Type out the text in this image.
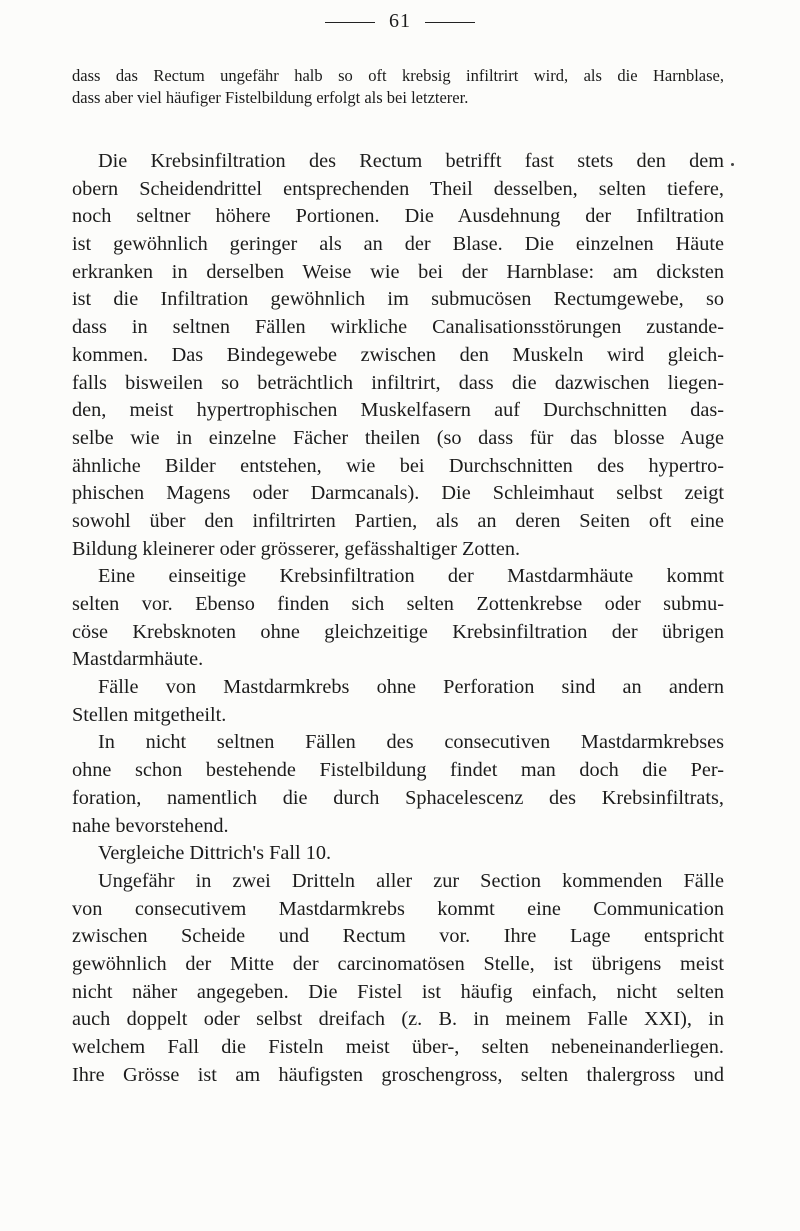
61
dass das Rectum ungefähr halb so oft krebsig infiltrirt wird, als die Harnblase,
dass aber viel häufiger Fistelbildung erfolgt als bei letzterer.
Die Krebsinfiltration des Rectum betrifft fast stets den dem
obern Scheidendrittel entsprechenden Theil desselben, selten tiefere,
noch seltner höhere Portionen. Die Ausdehnung der Infiltration
ist gewöhnlich geringer als an der Blase. Die einzelnen Häute
erkranken in derselben Weise wie bei der Harnblase: am dicksten
ist die Infiltration gewöhnlich im submucösen Rectumgewebe, so
dass in seltnen Fällen wirkliche Canalisationsstörungen zustande-
kommen. Das Bindegewebe zwischen den Muskeln wird gleich-
falls bisweilen so beträchtlich infiltrirt, dass die dazwischen liegen-
den, meist hypertrophischen Muskelfasern auf Durchschnitten das-
selbe wie in einzelne Fächer theilen (so dass für das blosse Auge
ähnliche Bilder entstehen, wie bei Durchschnitten des hypertro-
phischen Magens oder Darmcanals). Die Schleimhaut selbst zeigt
sowohl über den infiltrirten Partien, als an deren Seiten oft eine
Bildung kleinerer oder grösserer, gefässhaltiger Zotten.
Eine einseitige Krebsinfiltration der Mastdarmhäute kommt
selten vor. Ebenso finden sich selten Zottenkrebse oder submu-
cöse Krebsknoten ohne gleichzeitige Krebsinfiltration der übrigen
Mastdarmhäute.
Fälle von Mastdarmkrebs ohne Perforation sind an andern
Stellen mitgetheilt.
In nicht seltnen Fällen des consecutiven Mastdarmkrebses
ohne schon bestehende Fistelbildung findet man doch die Per-
foration, namentlich die durch Sphacelescenz des Krebsinfiltrats,
nahe bevorstehend.
Vergleiche Dittrich's Fall 10.
Ungefähr in zwei Dritteln aller zur Section kommenden Fälle
von consecutivem Mastdarmkrebs kommt eine Communication
zwischen Scheide und Rectum vor. Ihre Lage entspricht
gewöhnlich der Mitte der carcinomatösen Stelle, ist übrigens meist
nicht näher angegeben. Die Fistel ist häufig einfach, nicht selten
auch doppelt oder selbst dreifach (z. B. in meinem Falle XXI), in
welchem Fall die Fisteln meist über-, selten nebeneinanderliegen.
Ihre Grösse ist am häufigsten groschengross, selten thalergross und
